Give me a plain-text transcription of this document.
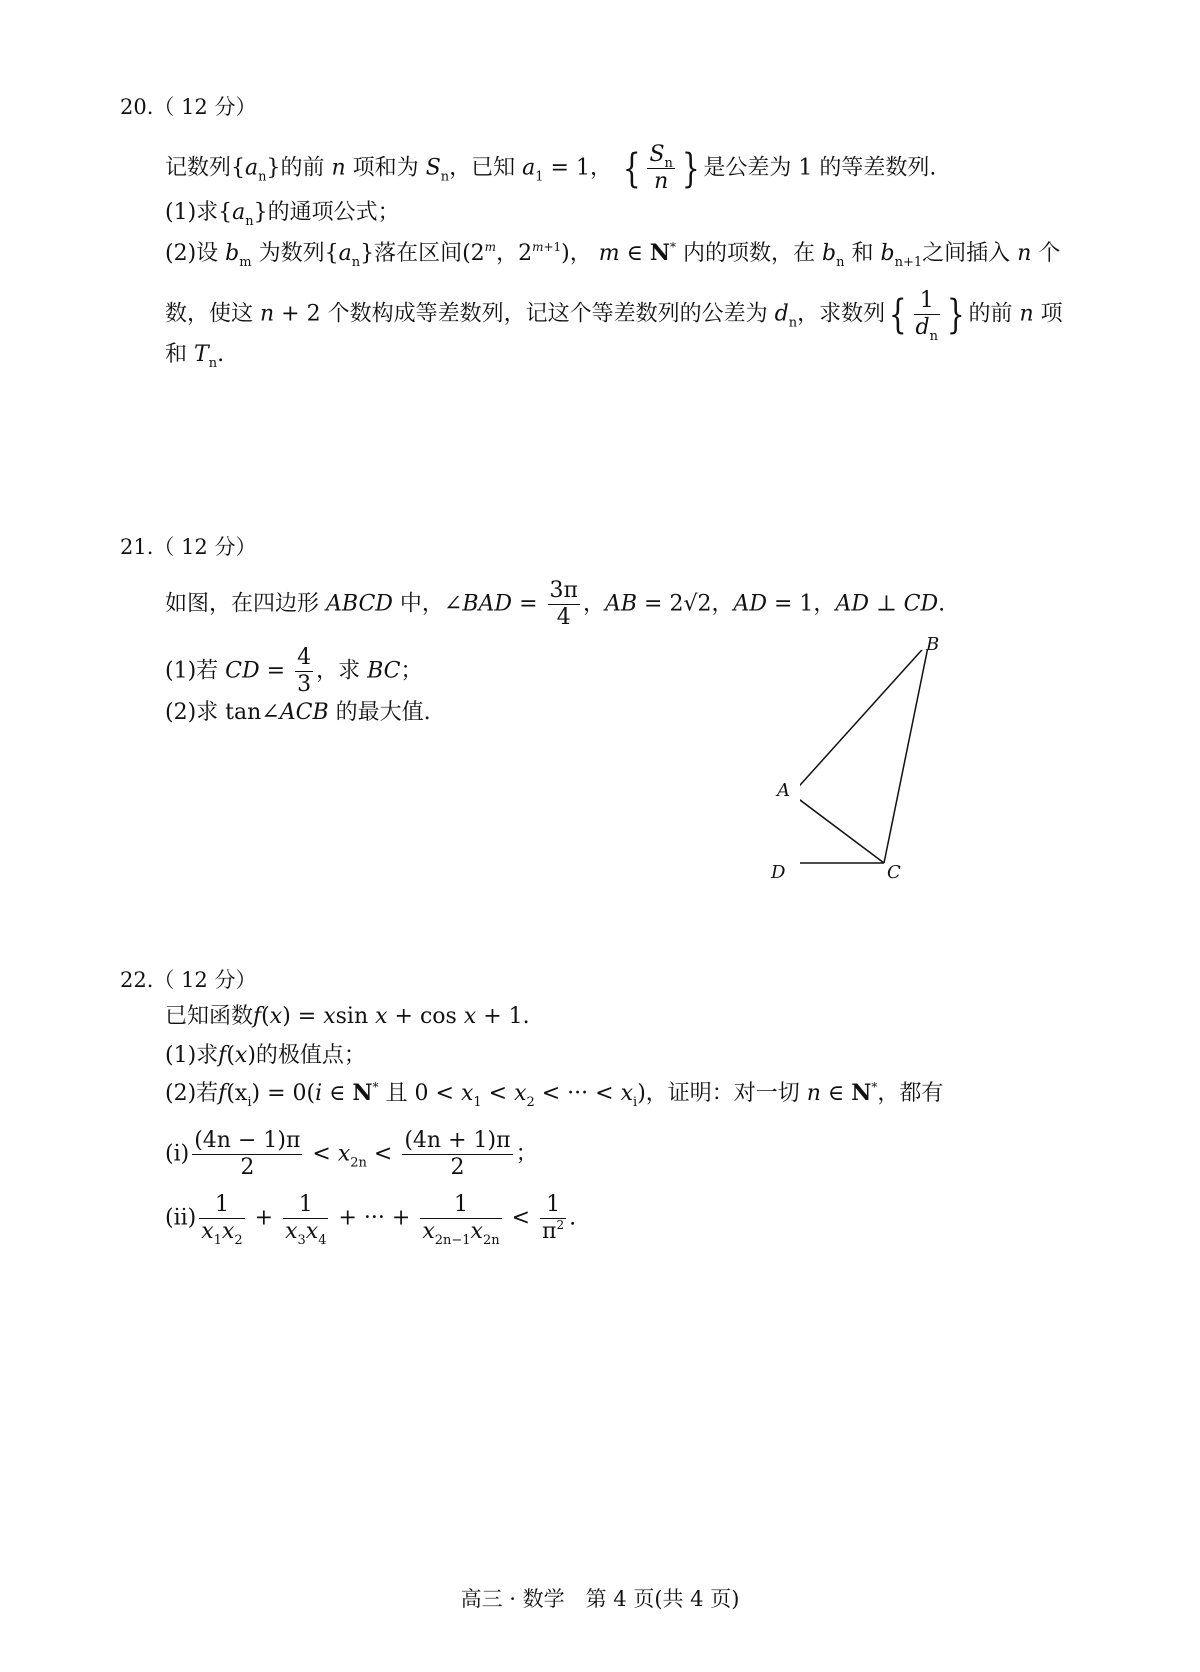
20.（ 12 分）
记数列$\{a_n\}$的前 n 项和为 $S_n$，已知 $a_1 = 1$， { $\frac{S_n}{n}$ } 是公差为 1 的等差数列.
(1)求$\{a_n\}$的通项公式；
(2)设 $b_m$ 为数列$\{a_n\}$落在区间(2$^m$，$2^{m+1}$)， m ∈ N* 内的项数，在 $b_n$ 和 $b_{n+1}$之间插入 n 个
数，使这 n + 2 个数构成等差数列，记这个等差数列的公差为 $d_n$，求数列{ $\frac{1}{d_n}$ } 的前 n 项
和 $T_n$.
21.（ 12 分）
如图，在四边形 ABCD 中，∠BAD = $\frac{3\pi}{4}$ ，AB = 2√2，AD = 1，AD ⊥ CD.
(1)若 CD = $\frac{4}{3}$ ，求 BC；
(2)求 tan∠ACB 的最大值.
B
A
D	C
22.（ 12 分）
已知函数f(x) = xsin x + cos x + 1.
(1)求f(x)的极值点；
(2)若$f(x_i) = 0(i$ ∈ N* 且 $0 < x_1 < x_2$ < ··· < $x_i$)，证明：对一切 n ∈ N*，都有
$(i) \frac{(4n - 1)\pi}{2} < x_{2n} < \frac{(4n + 1)\pi}{2}$ ；
$(ii) \frac{1}{x_1x_2} + \frac{1}{x_3x_4}$ + ··· + $\frac{1}{x_{2n-1}x_{2n}} < \frac{1}{\pi^2}$ .
高三 · 数学　第 4 页(共 4 页)
